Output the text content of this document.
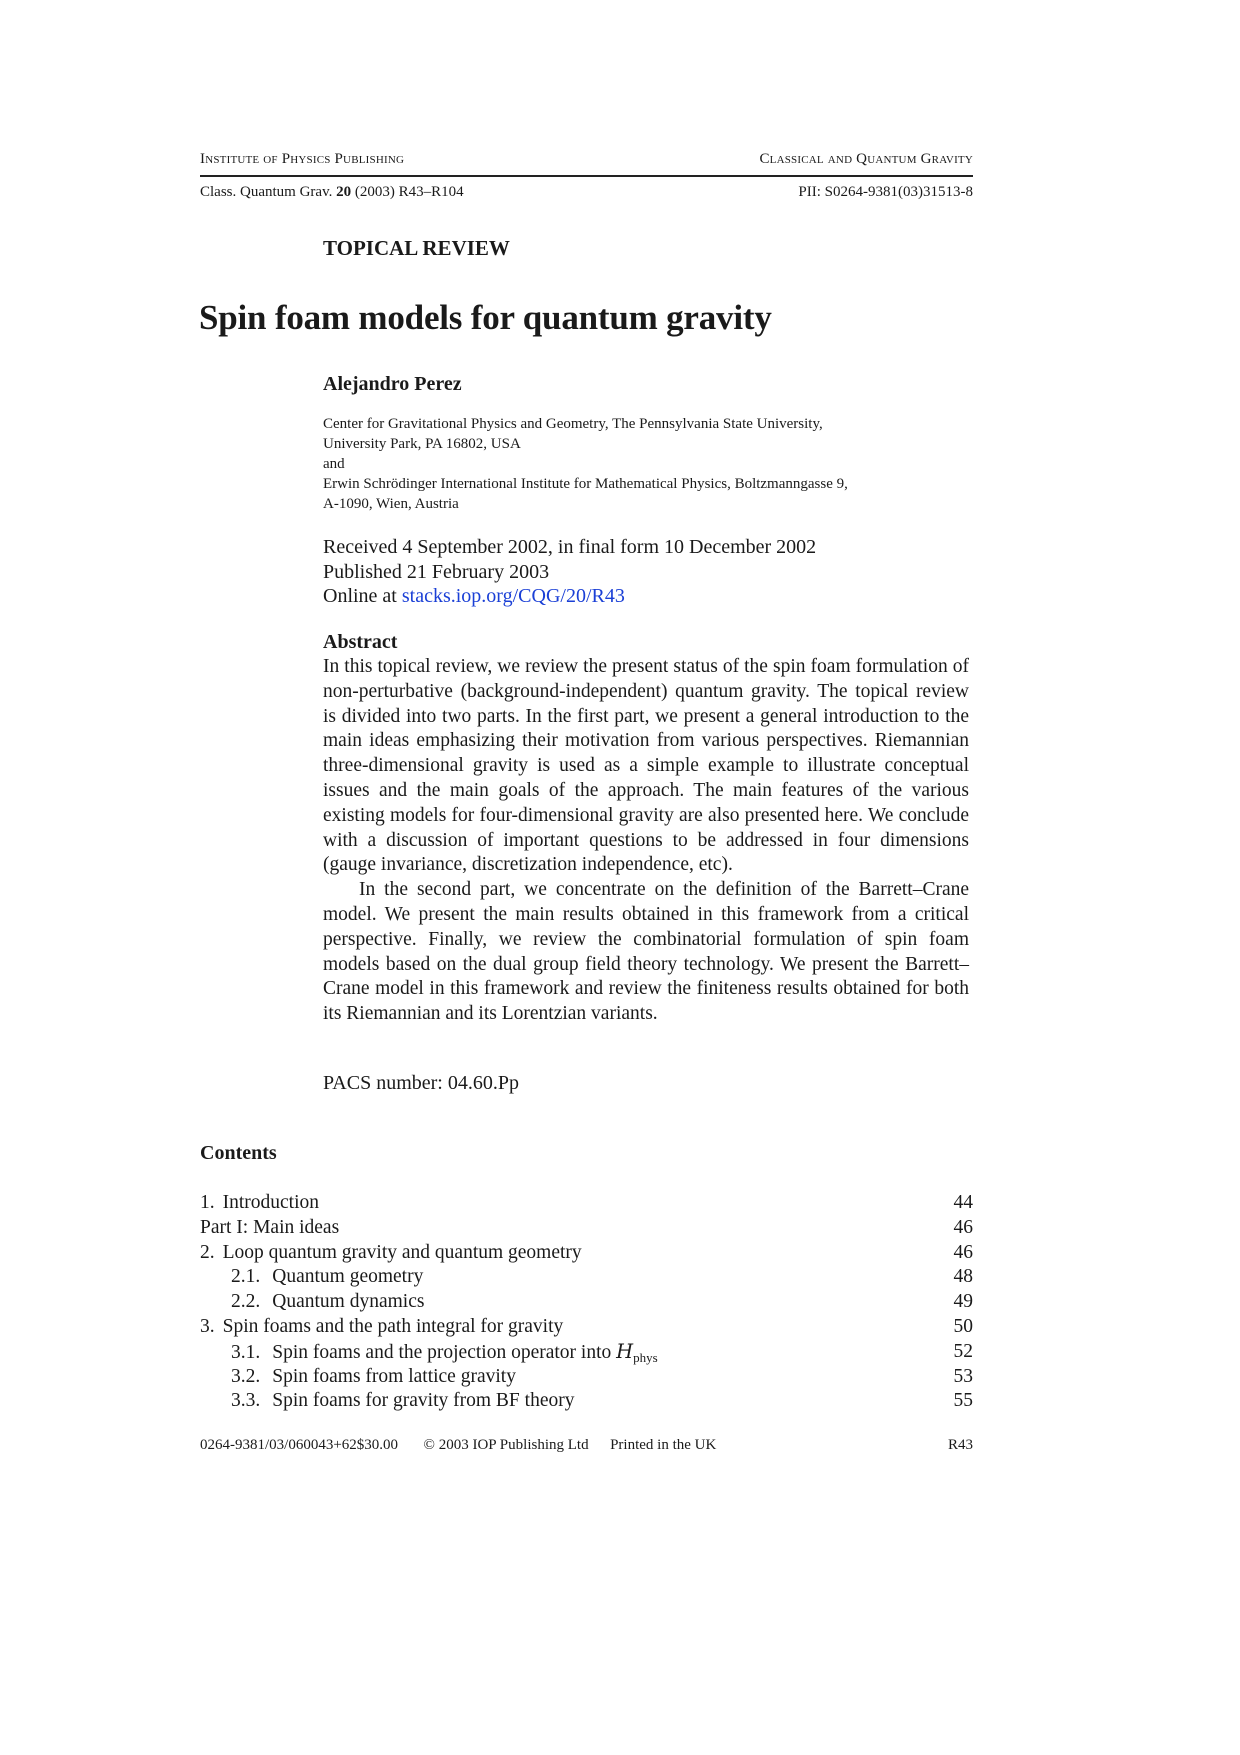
Institute of Physics Publishing	Classical and Quantum Gravity
Class. Quantum Grav. 20 (2003) R43–R104	PII: S0264-9381(03)31513-8
TOPICAL REVIEW
Spin foam models for quantum gravity
Alejandro Perez
Center for Gravitational Physics and Geometry, The Pennsylvania State University,
University Park, PA 16802, USA
and
Erwin Schrödinger International Institute for Mathematical Physics, Boltzmanngasse 9,
A-1090, Wien, Austria
Received 4 September 2002, in final form 10 December 2002
Published 21 February 2003
Online at stacks.iop.org/CQG/20/R43
Abstract

In this topical review, we review the present status of the spin foam formulation of non-perturbative (background-independent) quantum gravity. The topical review is divided into two parts. In the first part, we present a general introduction to the main ideas emphasizing their motivation from various perspectives. Riemannian three-dimensional gravity is used as a simple example to illustrate conceptual issues and the main goals of the approach. The main features of the various existing models for four-dimensional gravity are also presented here. We conclude with a discussion of important questions to be addressed in four dimensions (gauge invariance, discretization independence, etc).

In the second part, we concentrate on the definition of the Barrett–Crane model. We present the main results obtained in this framework from a critical perspective. Finally, we review the combinatorial formulation of spin foam models based on the dual group field theory technology. We present the Barrett–Crane model in this framework and review the finiteness results obtained for both its Riemannian and its Lorentzian variants.

PACS number: 04.60.Pp
Contents
1. Introduction	44
Part I: Main ideas	46
2. Loop quantum gravity and quantum geometry	46
2.1. Quantum geometry	48
2.2. Quantum dynamics	49
3. Spin foams and the path integral for gravity	50
3.1. Spin foams and the projection operator into $H_{phys}$	52
3.2. Spin foams from lattice gravity	53
3.3. Spin foams for gravity from BF theory	55
0264-9381/03/060043+62$30.00 © 2003 IOP Publishing Ltd Printed in the UK	R43
